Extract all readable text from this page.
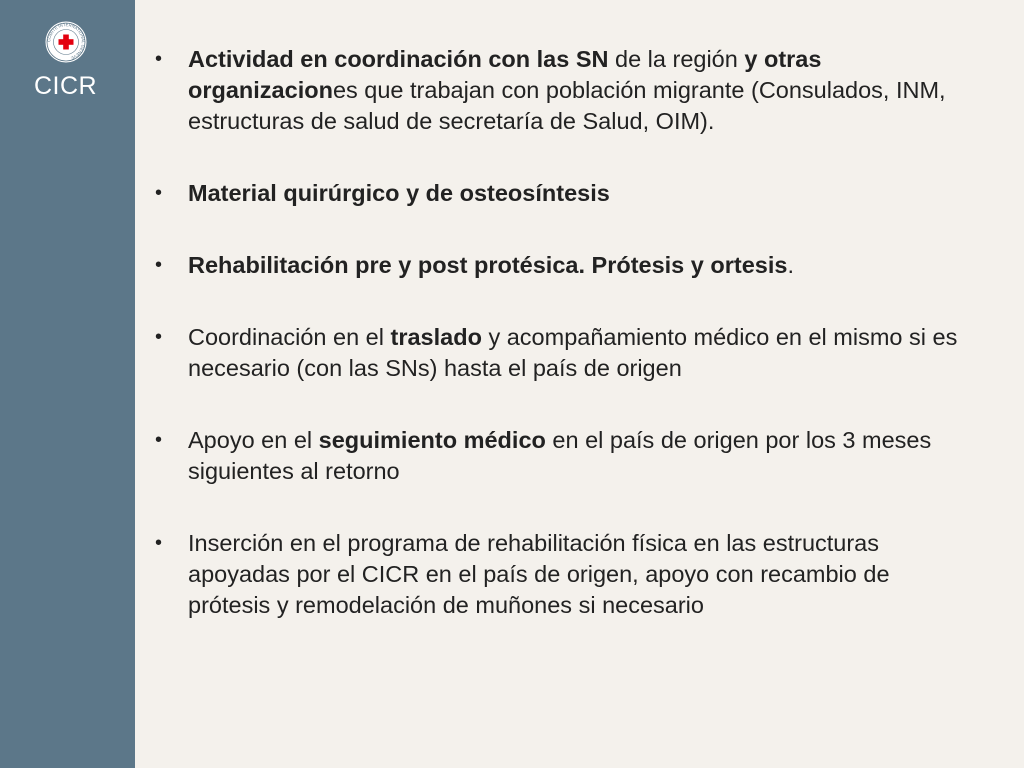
COMITE INTERNATIONAL GENEVE
CICR
• Actividad en coordinación con las SN de la región y otras organizaciones que trabajan con población migrante (Consulados, INM, estructuras de salud de secretaría de Salud, OIM).
• Material quirúrgico y de osteosíntesis
• Rehabilitación pre y post protésica. Prótesis y ortesis.
• Coordinación en el traslado y acompañamiento médico en el mismo si es necesario (con las SNs) hasta el país de origen
• Apoyo en el seguimiento médico en el país de origen por los 3 meses siguientes al retorno
• Inserción en el programa de rehabilitación física en las estructuras apoyadas por el CICR en el país de origen, apoyo con recambio de prótesis y remodelación de muñones si necesario
